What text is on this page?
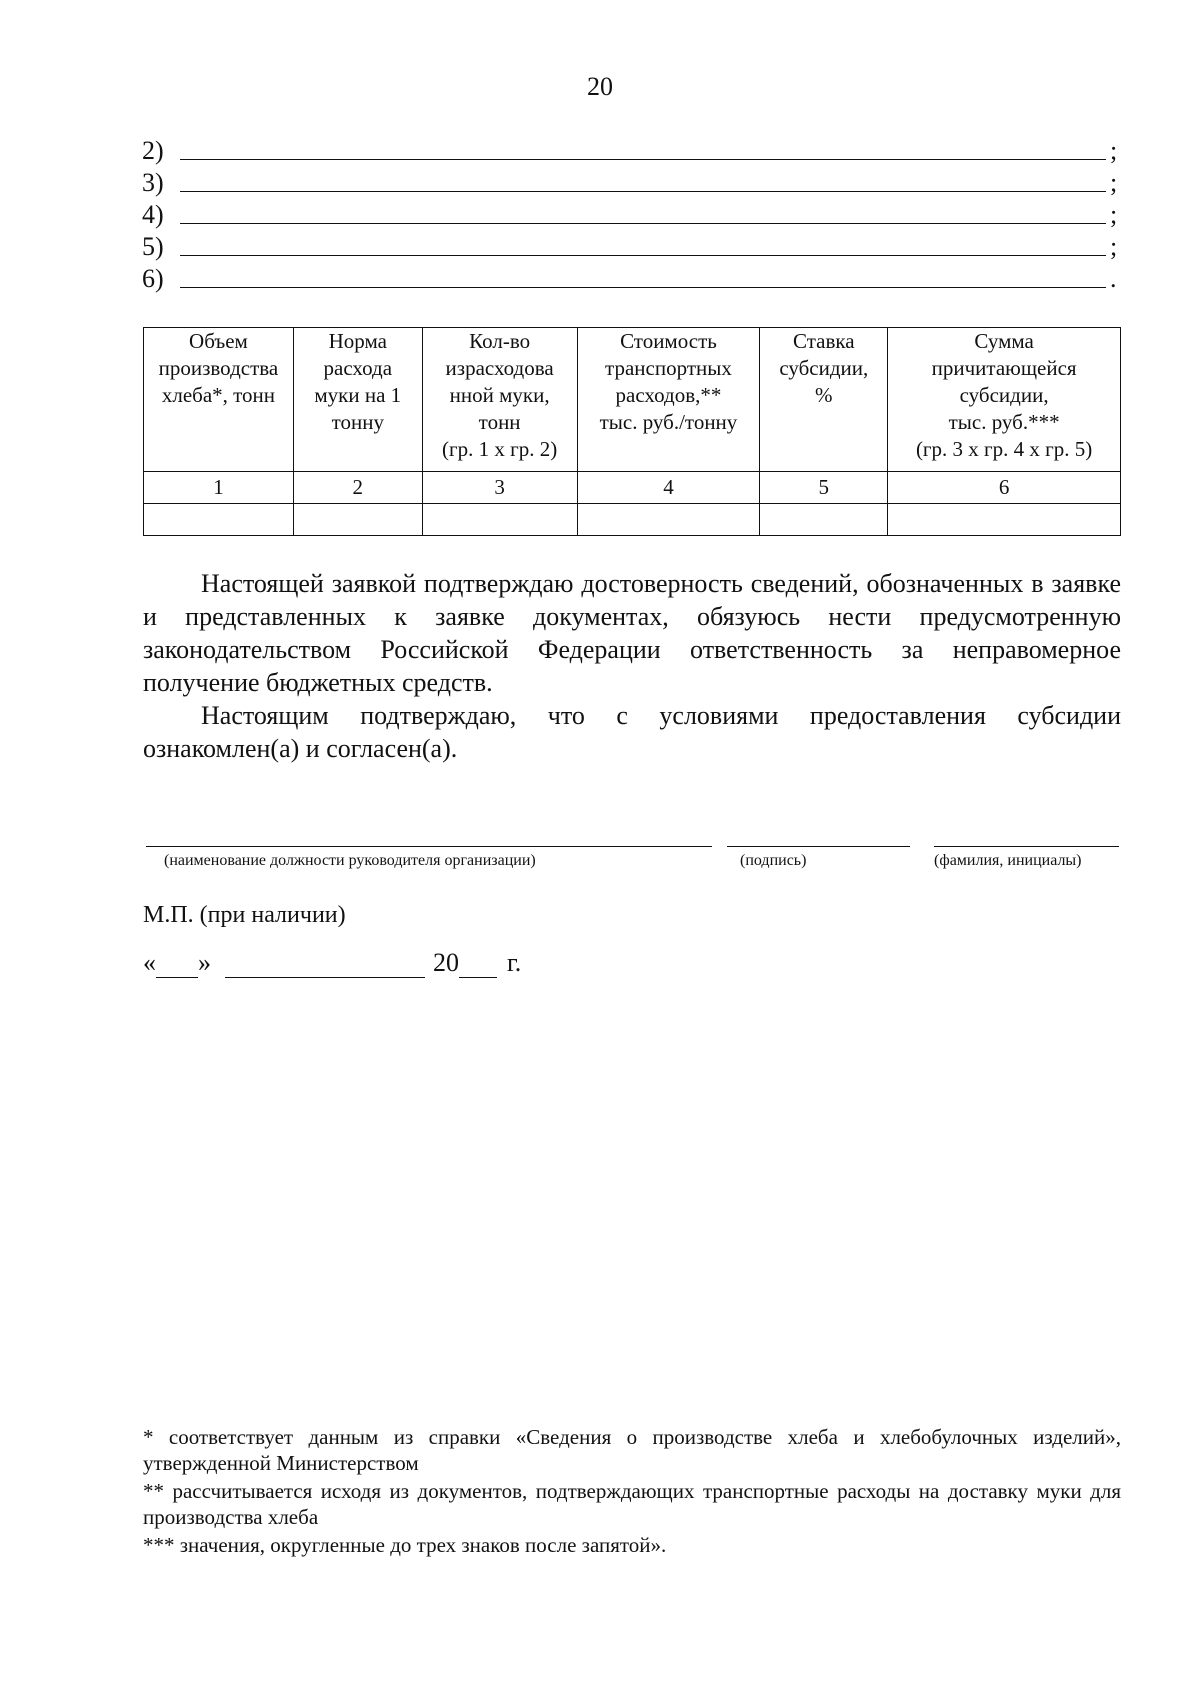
20
2)	;
3)	;
4)	;
5)	;
6)	.
Объем
производства
хлеба*, тонн	Норма
расхода
муки на 1
тонну	Кол-во
израсходова
нной муки,
тонн
(гр. 1 х гр. 2)	Стоимость
транспортных
расходов,**
тыс. руб./тонну	Ставка
субсидии,
%	Сумма
причитающейся
субсидии,
тыс. руб.***
(гр. 3 х гр. 4 х гр. 5)

1	2	3	4	5	6

Настоящей заявкой подтверждаю достоверность сведений, обозначенных в заявке и представленных к заявке документах, обязуюсь нести предусмотренную законодательством Российской Федерации ответственность за неправомерное получение бюджетных средств.

Настоящим подтверждаю, что с условиями предоставления субсидии ознакомлен(а) и согласен(а).

(наименование должности руководителя организации)	(подпись)	(фамилия, инициалы)
М.П. (при наличии)
« »	20 г.

* соответствует данным из справки «Сведения о производстве хлеба и хлебобулочных изделий», утвержденной Министерством

** рассчитывается исходя из документов, подтверждающих транспортные расходы на доставку муки для производства хлеба

*** значения, округленные до трех знаков после запятой».
